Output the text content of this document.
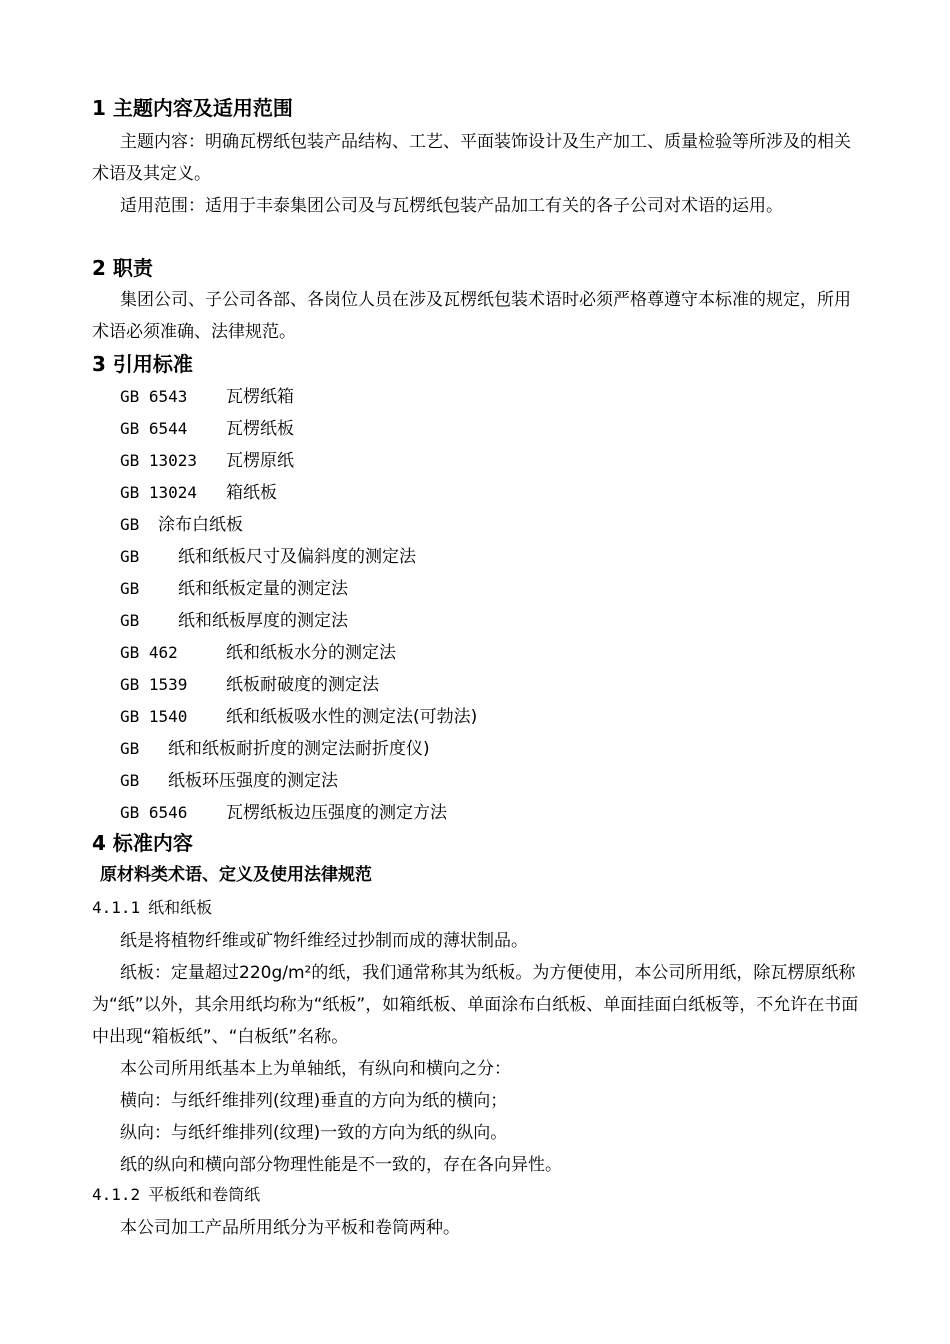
1 主题内容及适用范围
主题内容：明确瓦楞纸包装产品结构、工艺、平面装饰设计及生产加工、质量检验等所涉及的相关术语及其定义。
适用范围：适用于丰泰集团公司及与瓦楞纸包装产品加工有关的各子公司对术语的运用。
2 职责
集团公司、子公司各部、各岗位人员在涉及瓦楞纸包装术语时必须严格尊遵守本标准的规定，所用术语必须准确、法律规范。
3 引用标准
GB 6543 瓦楞纸箱
GB 6544 瓦楞纸板
GB 13023 瓦楞原纸
GB 13024 箱纸板
GB 涂布白纸板
GB 纸和纸板尺寸及偏斜度的测定法
GB 纸和纸板定量的测定法
GB 纸和纸板厚度的测定法
GB 462	纸和纸板水分的测定法
GB 1539 纸板耐破度的测定法
GB 1540 纸和纸板吸水性的测定法(可勃法)
GB 纸和纸板耐折度的测定法耐折度仪)
GB 纸板环压强度的测定法
GB 6546 瓦楞纸板边压强度的测定方法
4 标准内容
原材料类术语、定义及使用法律规范
4.1.1 纸和纸板
纸是将植物纤维或矿物纤维经过抄制而成的薄状制品。
纸板：定量超过220g/m²的纸，我们通常称其为纸板。为方便使用，本公司所用纸，除瓦楞原纸称为“纸”以外，其余用纸均称为“纸板”，如箱纸板、单面涂布白纸板、单面挂面白纸板等，不允许在书面中出现“箱板纸”、“白板纸”名称。
本公司所用纸基本上为单轴纸，有纵向和横向之分：
横向：与纸纤维排列(纹理)垂直的方向为纸的横向；
纵向：与纸纤维排列(纹理)一致的方向为纸的纵向。
纸的纵向和横向部分物理性能是不一致的，存在各向异性。
4.1.2 平板纸和卷筒纸
本公司加工产品所用纸分为平板和卷筒两种。
